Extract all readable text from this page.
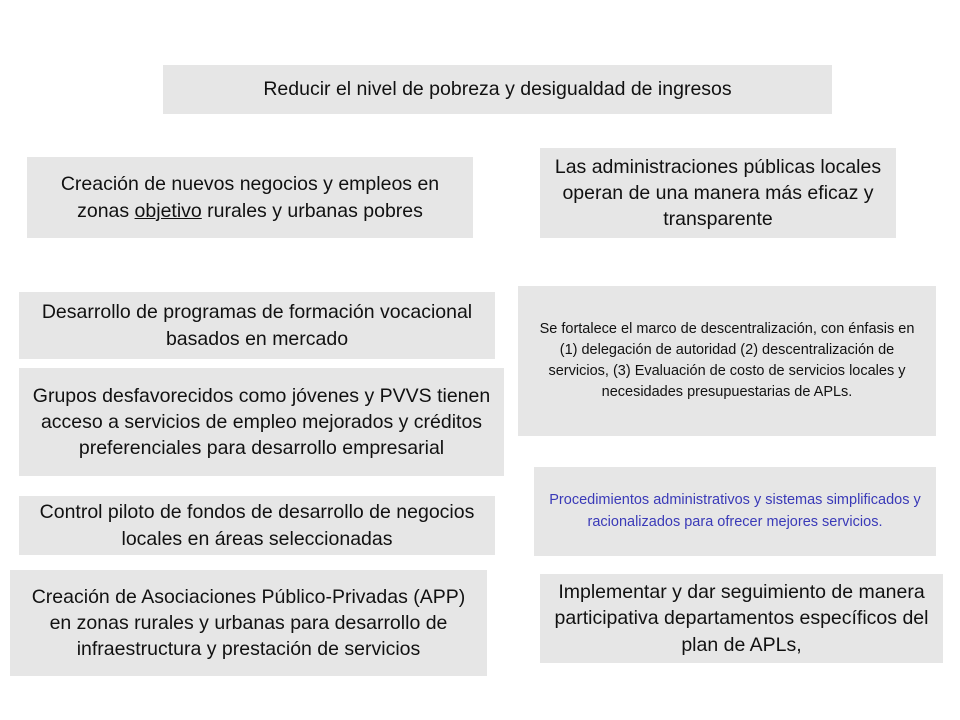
Reducir el nivel de pobreza y desigualdad de ingresos
Creación de nuevos negocios y empleos en zonas objetivo rurales y urbanas pobres
Las administraciones públicas locales operan de una manera más eficaz y transparente
Desarrollo de programas de formación vocacional basados en mercado	Se fortalece el marco de descentralización, con énfasis en (1) delegación de autoridad (2) descentralización de servicios, (3) Evaluación de costo de servicios locales y necesidades presupuestarias de APLs.
Grupos desfavorecidos como jóvenes y PVVS tienen acceso a servicios de empleo mejorados y créditos preferenciales para desarrollo empresarial
Control piloto de fondos de desarrollo de negocios locales en áreas seleccionadas
Procedimientos administrativos y sistemas simplificados y racionalizados para ofrecer mejores servicios.
Creación de Asociaciones Público-Privadas (APP) en zonas rurales y urbanas para desarrollo de infraestructura y prestación de servicios
Implementar y dar seguimiento de manera participativa departamentos específicos del plan de APLs,
